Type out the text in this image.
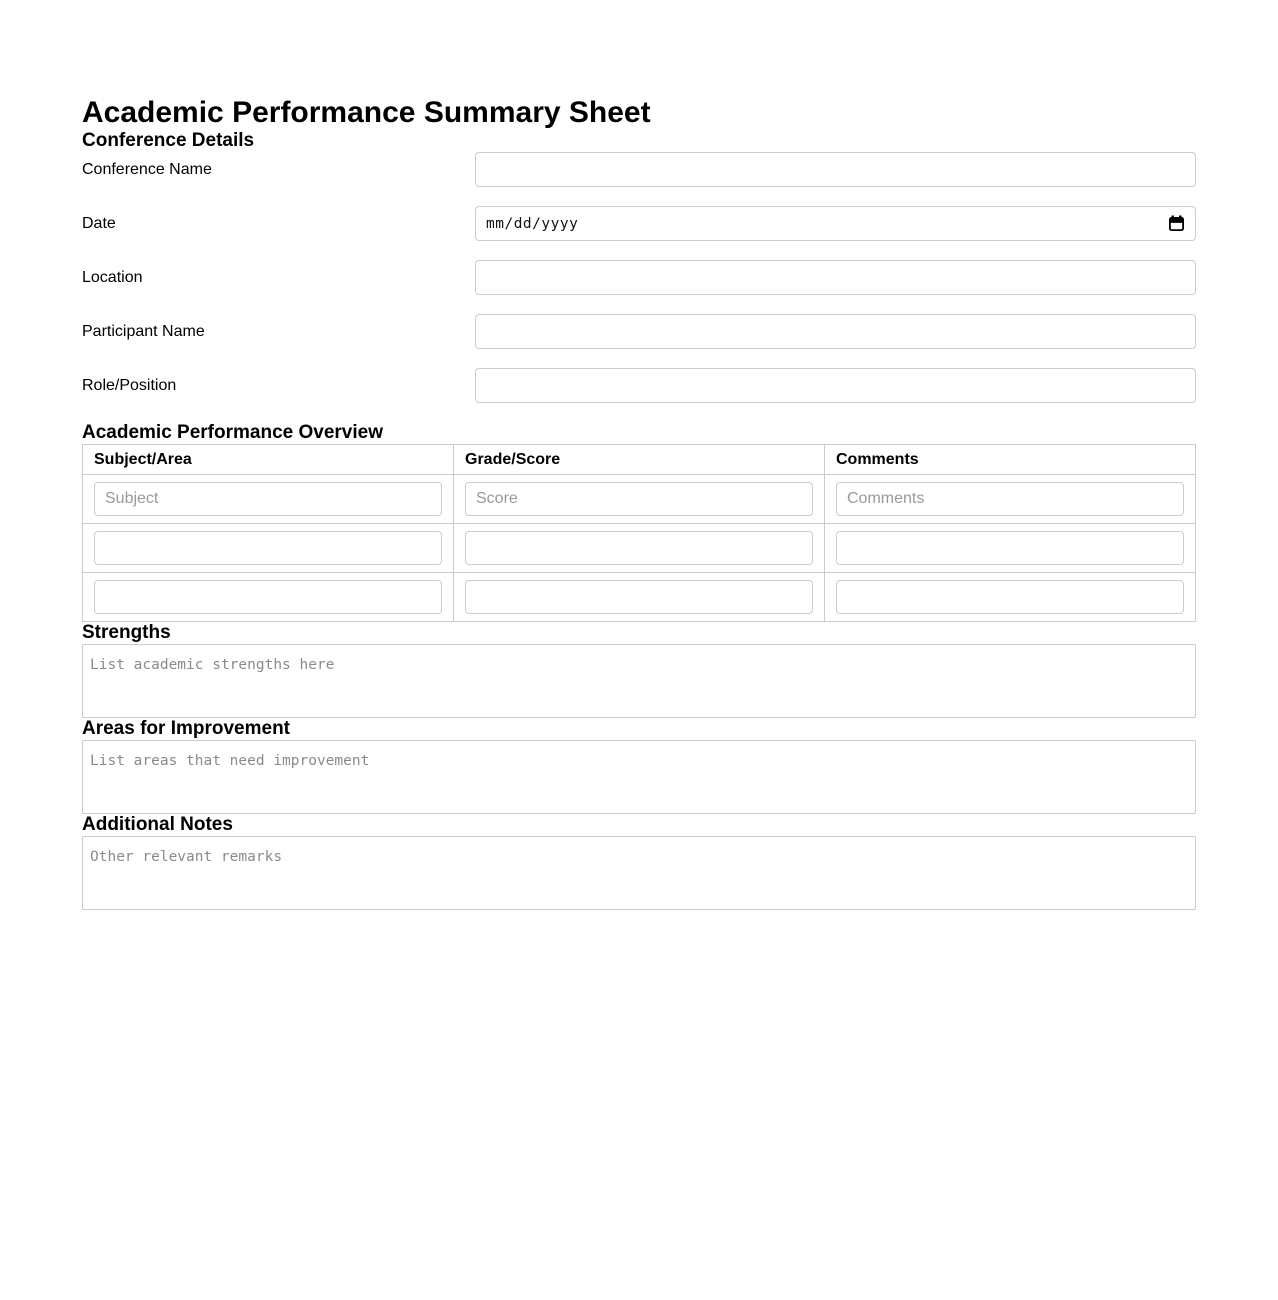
Academic Performance Summary Sheet
Conference Details
Conference Name
Date	mm/dd/yyyy
Location
Participant Name
Role/Position
Academic Performance Overview
Subject/Area	Grade/Score	Comments
Subject	Score	Comments

Strengths
List academic strengths here
Areas for Improvement
List areas that need improvement
Additional Notes
Other relevant remarks
